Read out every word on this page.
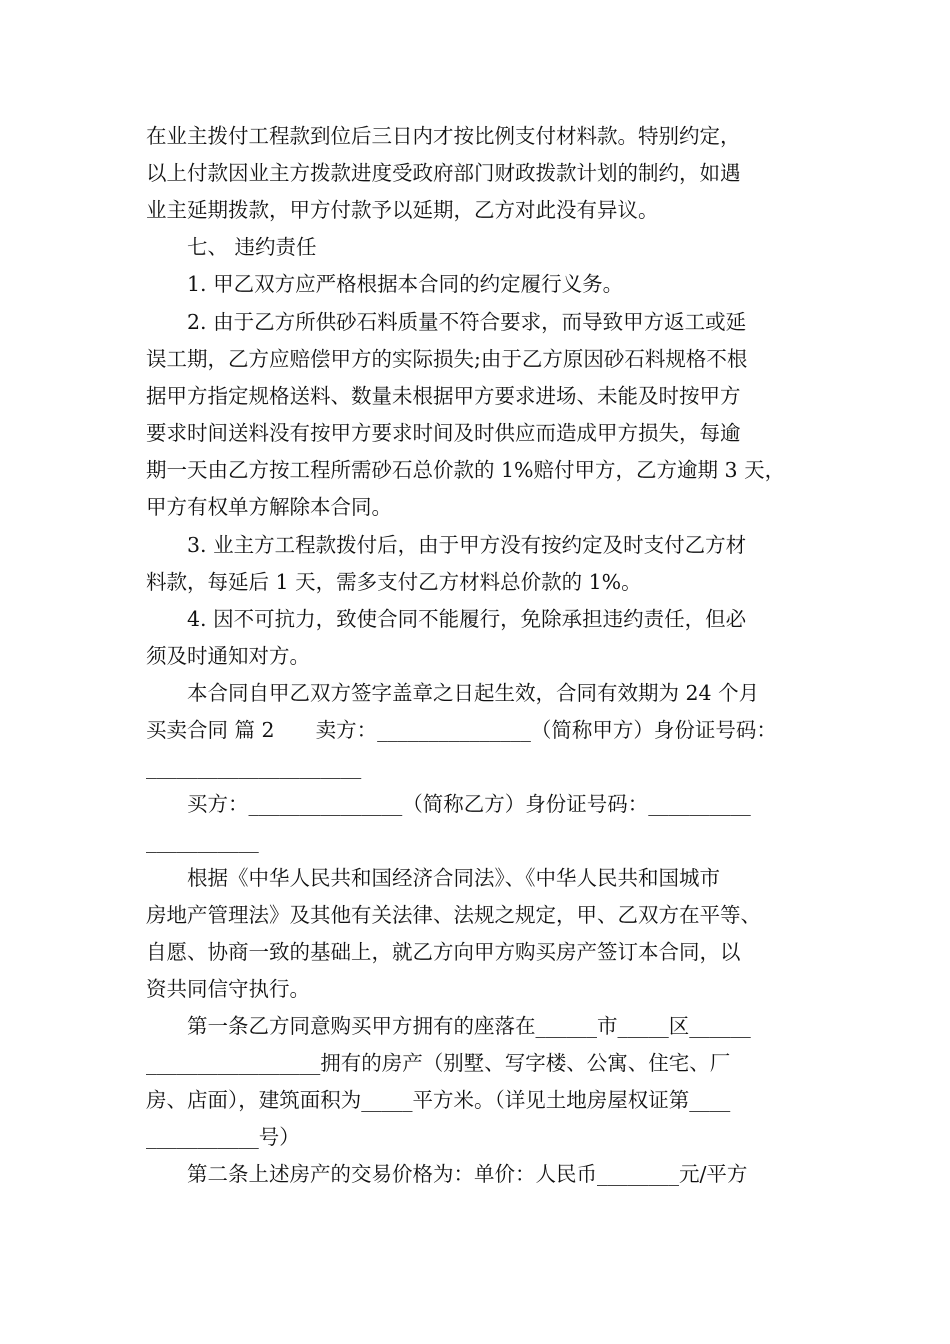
在业主拨付工程款到位后三日内才按比例支付材料款。特别约定，
以上付款因业主方拨款进度受政府部门财政拨款计划的制约，如遇
业主延期拨款，甲方付款予以延期，乙方对此没有异议。
　　七、 违约责任
　　1. 甲乙双方应严格根据本合同的约定履行义务。
　　2. 由于乙方所供砂石料质量不符合要求，而导致甲方返工或延
误工期，乙方应赔偿甲方的实际损失;由于乙方原因砂石料规格不根
据甲方指定规格送料、数量未根据甲方要求进场、未能及时按甲方
要求时间送料没有按甲方要求时间及时供应而造成甲方损失，每逾
期一天由乙方按工程所需砂石总价款的 1%赔付甲方，乙方逾期 3 天，
甲方有权单方解除本合同。
　　3. 业主方工程款拨付后，由于甲方没有按约定及时支付乙方材
料款，每延后 1 天，需多支付乙方材料总价款的 1%。
　　4. 因不可抗力，致使合同不能履行，免除承担违约责任，但必
须及时通知对方。
　　本合同自甲乙双方签字盖章之日起生效，合同有效期为 24 个月
买卖合同 篇 2　　卖方：_______________（简称甲方）身份证号码：
_____________________
　　买方：_______________（简称乙方）身份证号码：__________
___________
　　根据《中华人民共和国经济合同法》、《中华人民共和国城市
房地产管理法》及其他有关法律、法规之规定，甲、乙双方在平等、
自愿、协商一致的基础上，就乙方向甲方购买房产签订本合同，以
资共同信守执行。
　　第一条乙方同意购买甲方拥有的座落在______市_____区______
_________________拥有的房产（别墅、写字楼、公寓、住宅、厂
房、店面），建筑面积为_____平方米。（详见土地房屋权证第____
___________号）
　　第二条上述房产的交易价格为：单价：人民币________元/平方
